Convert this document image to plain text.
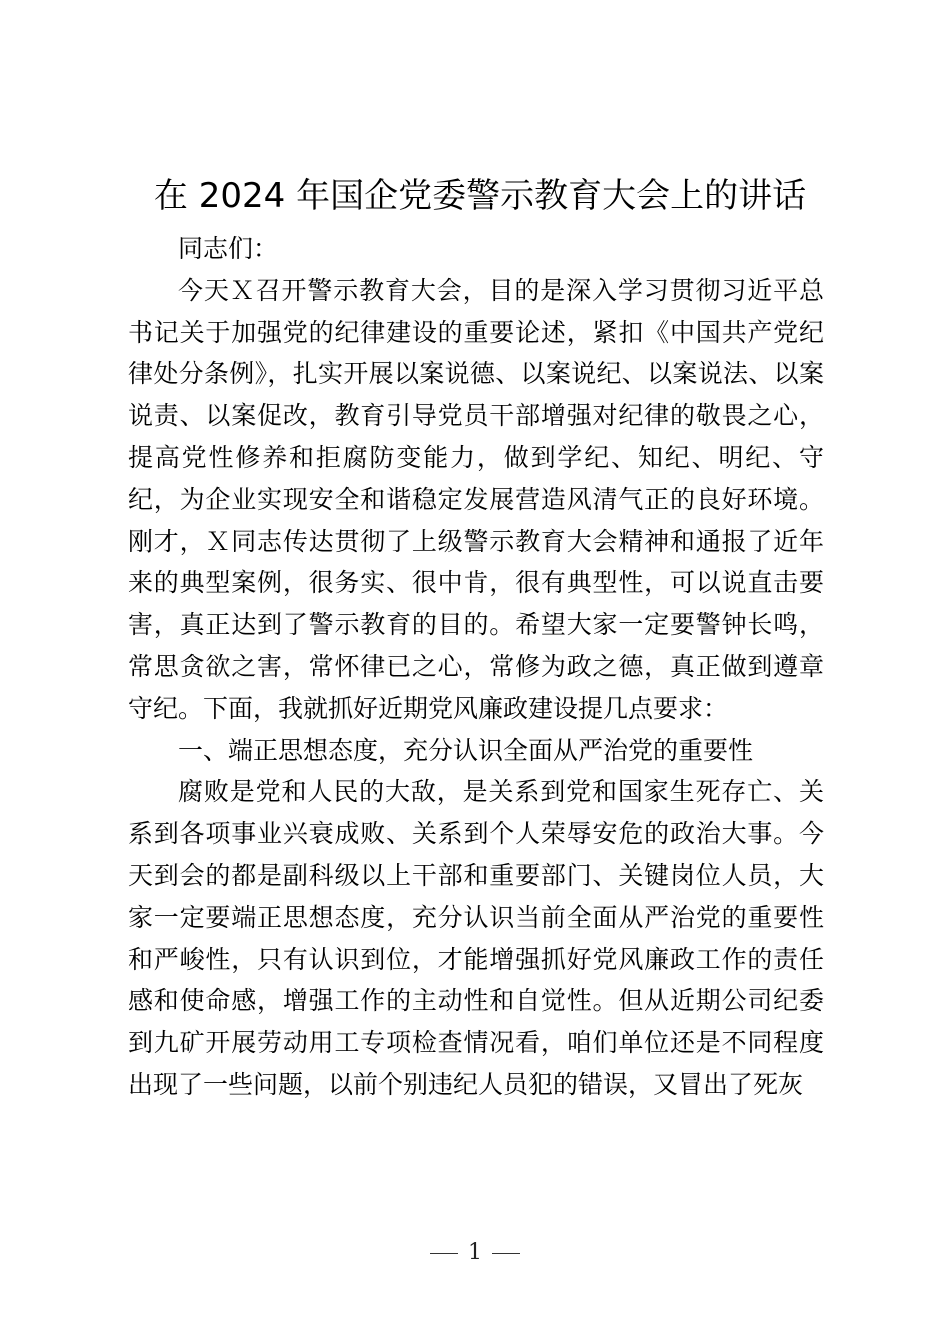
在 2024 年国企党委警示教育大会上的讲话

同志们：

今天Ｘ召开警示教育大会，目的是深入学习贯彻习近平总书记关于加强党的纪律建设的重要论述，紧扣《中国共产党纪律处分条例》，扎实开展以案说德、以案说纪、以案说法、以案说责、以案促改，教育引导党员干部增强对纪律的敬畏之心，提高党性修养和拒腐防变能力，做到学纪、知纪、明纪、守纪，为企业实现安全和谐稳定发展营造风清气正的良好环境。刚才，Ｘ同志传达贯彻了上级警示教育大会精神和通报了近年来的典型案例，很务实、很中肯，很有典型性，可以说直击要害，真正达到了警示教育的目的。希望大家一定要警钟长鸣，常思贪欲之害，常怀律已之心，常修为政之德，真正做到遵章守纪。下面，我就抓好近期党风廉政建设提几点要求：

一、端正思想态度，充分认识全面从严治党的重要性

腐败是党和人民的大敌，是关系到党和国家生死存亡、关系到各项事业兴衰成败、关系到个人荣辱安危的政治大事。今天到会的都是副科级以上干部和重要部门、关键岗位人员，大家一定要端正思想态度，充分认识当前全面从严治党的重要性和严峻性，只有认识到位，才能增强抓好党风廉政工作的责任感和使命感，增强工作的主动性和自觉性。但从近期公司纪委到九矿开展劳动用工专项检查情况看，咱们单位还是不同程度出现了一些问题，以前个别违纪人员犯的错误，又冒出了死灰

1
